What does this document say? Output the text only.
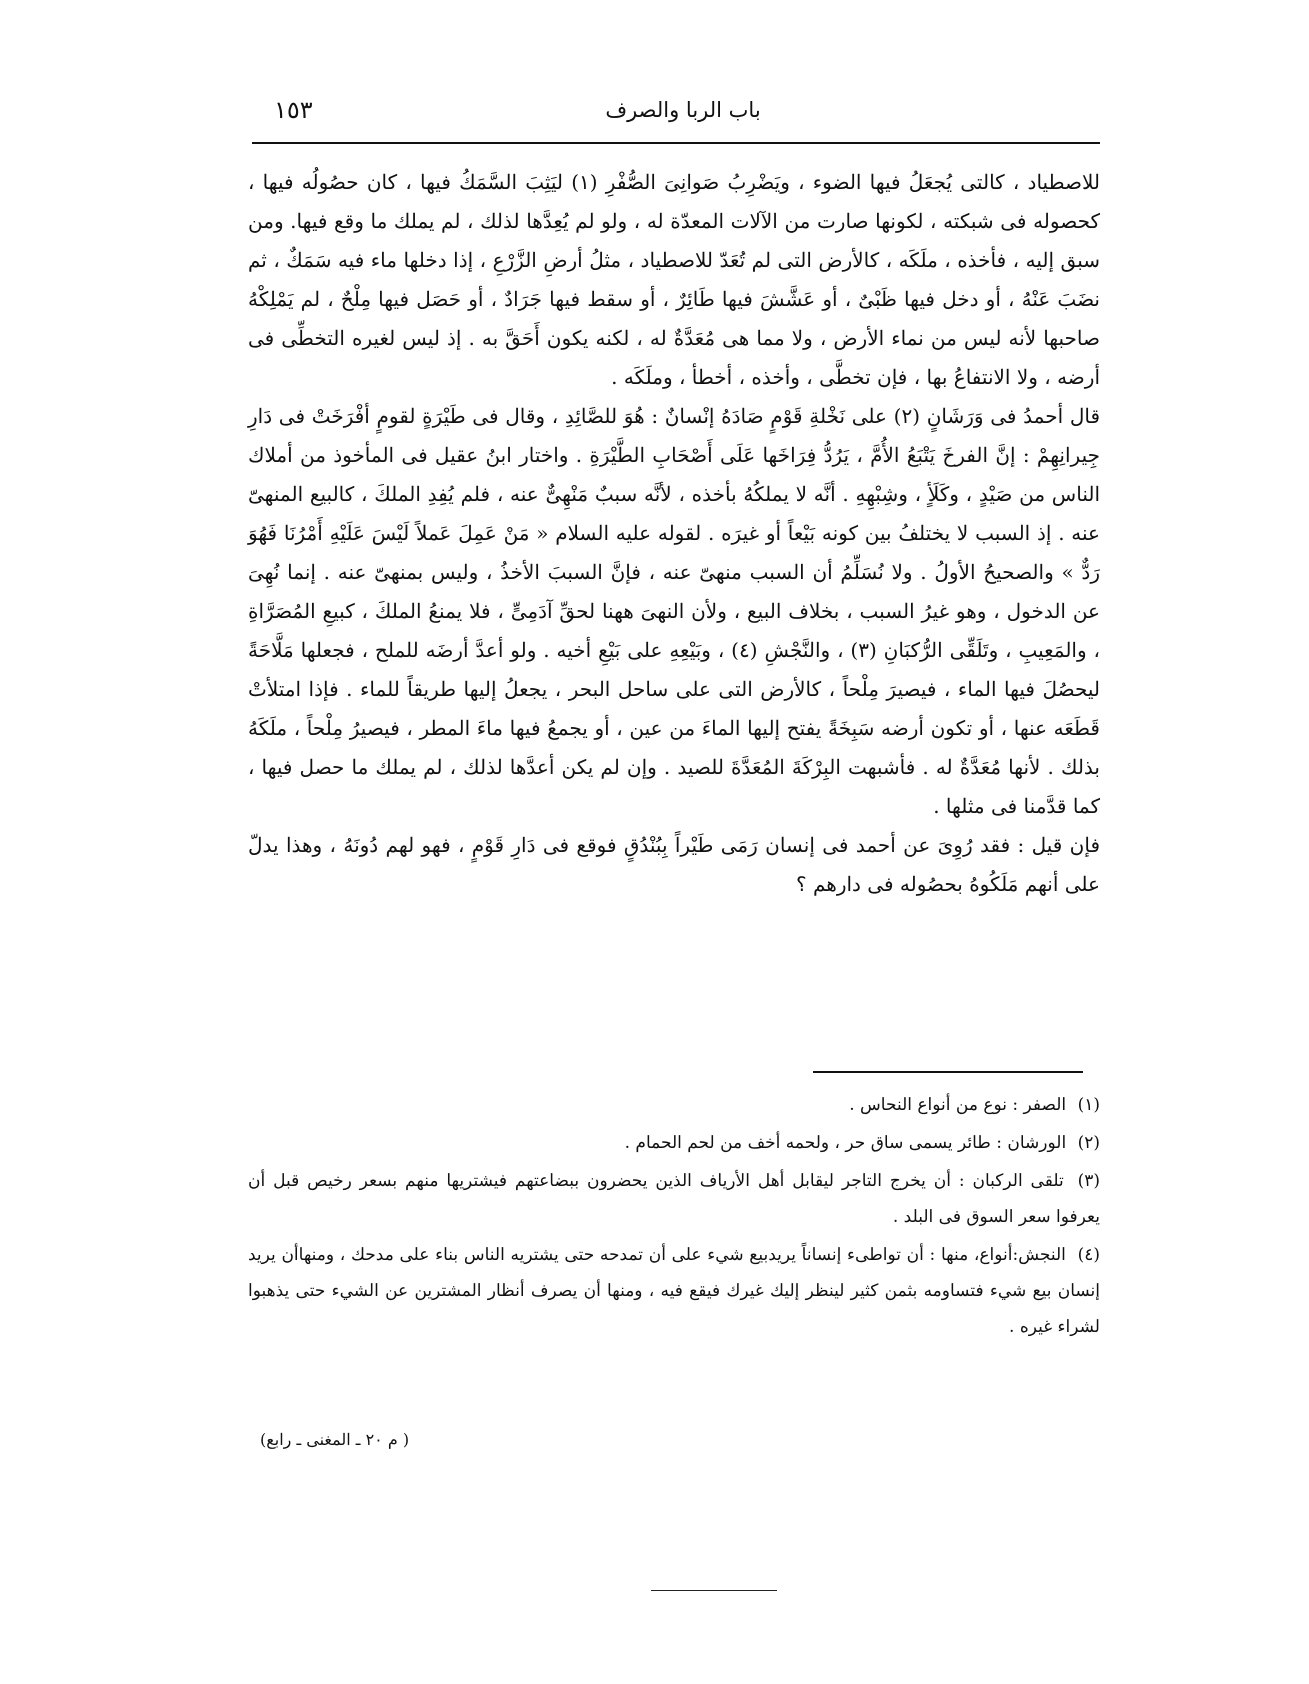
١٥٣	باب الربا والصرف

للاصطياد ، كالتى يُجعَلُ فيها الضوء ، ويَضْرِبُ صَوانِىَ الصُّفْرِ (١) ليَثِبَ السَّمَكُ فيها ، كان حصُولُه فيها ، كحصوله فى شبكته ، لكونها صارت من الآلات المعدّة له ، ولو لم يُعِدَّها لذلك ، لم يملك ما وقع فيها. ومن سبق إليه ، فأخذه ، ملَكَه ، كالأرض التى لم تُعَدّ للاصطياد ، مثلُ أرضِ الزَّرْعِ ، إذا دخلها ماء فيه سَمَكٌ ، ثم نضَبَ عَنْهُ ، أو دخل فيها ظَبْىٌ ، أو عَشَّشَ فيها طَائِرٌ ، أو سقط فيها جَرَادٌ ، أو حَصَل فيها مِلْحٌ ، لم يَمْلِكْهُ صاحبها لأنه ليس من نماء الأرض ، ولا مما هى مُعَدَّةٌ له ، لكنه يكون أَحَقَّ به . إذ ليس لغيره التخطِّى فى أرضه ، ولا الانتفاعُ بها ، فإن تخطَّى ، وأخذه ، أخطأ ، وملَكَه .

قال أحمدُ فى وَرَشَانٍ (٢) على نَخْلةِ قَوْمٍ صَادَهُ إنْسانٌ : هُوَ للصَّائِدِ ، وقال فى طَيْرَةٍ لقومٍ أفْرَخَتْ فى دَارِ جِيرانِهِمْ : إنَّ الفرخَ يَتْبَعُ الأُمَّ ، يَرُدُّ فِرَاخَها عَلَى أَصْحَابِ الطَّيْرَةِ . واختار ابنُ عقيل فى المأخوذ من أملاك الناس من صَيْدٍ ، وكَلَأٍ ، وشِبْهِهِ . أنَّه لا يملكُهُ بأخذه ، لأنَّه سببٌ مَنْهِىٌّ عنه ، فلم يُفِدِ الملكَ ، كالبيع المنهىّ عنه . إذ السبب لا يختلفُ بين كونه بَيْعاً أو غيرَه . لقوله عليه السلام « مَنْ عَمِلَ عَملاً لَيْسَ عَلَيْهِ أَمْرُنَا فَهُوَ رَدٌّ » والصحيحُ الأولُ . ولا نُسَلِّمُ أن السبب منهىّ عنه ، فإنَّ السببَ الأخذُ ، وليس بمنهىّ عنه . إنما نُهِىَ عن الدخول ، وهو غيرُ السبب ، بخلاف البيع ، ولأن النهىَ ههنا لحقِّ آدَمِىٍّ ، فلا يمنعُ الملكَ ، كبيعِ المُصَرَّاةِ ، والمَعِيبِ ، وتَلَقِّى الرُّكبَانِ (٣) ، والنَّجْشِ (٤) ، وبَيْعِهِ على بَيْعِ أخيه . ولو أعدَّ أرضَه للملح ، فجعلها مَلَّاحَةً ليحصُلَ فيها الماء ، فيصيرَ مِلْحاً ، كالأرض التى على ساحل البحر ، يجعلُ إليها طريقاً للماء . فإذا امتلأتْ قَطَعَه عنها ، أو تكون أرضه سَبِخَةً يفتح إليها الماءَ من عين ، أو يجمعُ فيها ماءَ المطر ، فيصيرُ مِلْحاً ، ملَكَهُ بذلك . لأنها مُعَدَّةٌ له . فأشبهت البِرْكَةَ المُعَدَّةَ للصيد . وإن لم يكن أعدَّها لذلك ، لم يملك ما حصل فيها ، كما قدَّمنا فى مثلها .

فإن قيل : فقد رُوِىَ عن أحمد فى إنسان رَمَى طَيْراً بِبُنْدُقٍ فوقع فى دَارِ قَوْمٍ ، فهو لهم دُونَهُ ، وهذا يدلّ على أنهم مَلَكُوهُ بحصُوله فى دارهم ؟

(١) الصفر : نوع من أنواع النحاس .

(٢) الورشان : طائر يسمى ساق حر ، ولحمه أخف من لحم الحمام .

(٣) تلقى الركبان : أن يخرج التاجر ليقابل أهل الأرياف الذين يحضرون ببضاعتهم فيشتريها منهم بسعر رخيص قبل أن يعرفوا سعر السوق فى البلد .

(٤) النجش:أنواع، منها : أن تواطىء إنساناً يريدبيع شيء على أن تمدحه حتى يشتريه الناس بناء على مدحك ، ومنهاأن يريد إنسان بيع شيء فتساومه بثمن كثير لينظر إليك غيرك فيقع فيه ، ومنها أن يصرف أنظار المشترين عن الشيء حتى يذهبوا لشراء غيره .

( م ٢٠ ـ المغنى ـ رابع)
